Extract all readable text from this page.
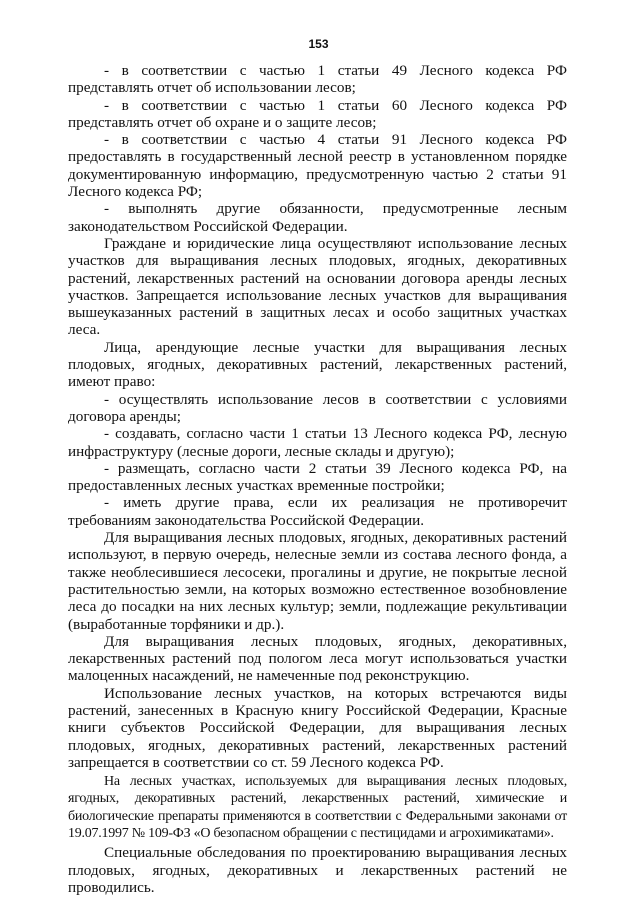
153

- в соответствии с частью 1 статьи 49 Лесного кодекса РФ представлять отчет об использовании лесов;

- в соответствии с частью 1 статьи 60 Лесного кодекса РФ представлять отчет об охране и о защите лесов;

- в соответствии с частью 4 статьи 91 Лесного кодекса РФ предоставлять в государственный лесной реестр в установленном порядке документированную информацию, предусмотренную частью 2 статьи 91 Лесного кодекса РФ;

- выполнять другие обязанности, предусмотренные лесным законодательством Российской Федерации.

Граждане и юридические лица осуществляют использование лесных участков для выращивания лесных плодовых, ягодных, декоративных растений, лекарственных растений на основании договора аренды лесных участков. Запрещается использование лесных участков для выращивания вышеуказанных растений в защитных лесах и особо защитных участках леса.

Лица, арендующие лесные участки для выращивания лесных плодовых, ягодных, декоративных растений, лекарственных растений, имеют право:

- осуществлять использование лесов в соответствии с условиями договора аренды;

- создавать, согласно части 1 статьи 13 Лесного кодекса РФ, лесную инфраструктуру (лесные дороги, лесные склады и другую);

- размещать, согласно части 2 статьи 39 Лесного кодекса РФ, на предоставленных лесных участках временные постройки;

- иметь другие права, если их реализация не противоречит требованиям законодательства Российской Федерации.

Для выращивания лесных плодовых, ягодных, декоративных растений используют, в первую очередь, нелесные земли из состава лесного фонда, а также необлесившиеся лесосеки, прогалины и другие, не покрытые лесной растительностью земли, на которых возможно естественное возобновление леса до посадки на них лесных культур; земли, подлежащие рекультивации (выработанные торфяники и др.).

Для выращивания лесных плодовых, ягодных, декоративных, лекарственных растений под пологом леса могут использоваться участки малоценных насаждений, не намеченные под реконструкцию.

Использование лесных участков, на которых встречаются виды растений, занесенных в Красную книгу Российской Федерации, Красные книги субъектов Российской Федерации, для выращивания лесных плодовых, ягодных, декоративных растений, лекарственных растений запрещается в соответствии со ст. 59 Лесного кодекса РФ.

На лесных участках, используемых для выращивания лесных плодовых, ягодных, декоративных растений, лекарственных растений, химические и биологические препараты применяются в соответствии с Федеральными законами от 19.07.1997 № 109-ФЗ «О безопасном обращении с пестицидами и агрохимикатами».

Специальные обследования по проектированию выращивания лесных плодовых, ягодных, декоративных и лекарственных растений не проводились.
